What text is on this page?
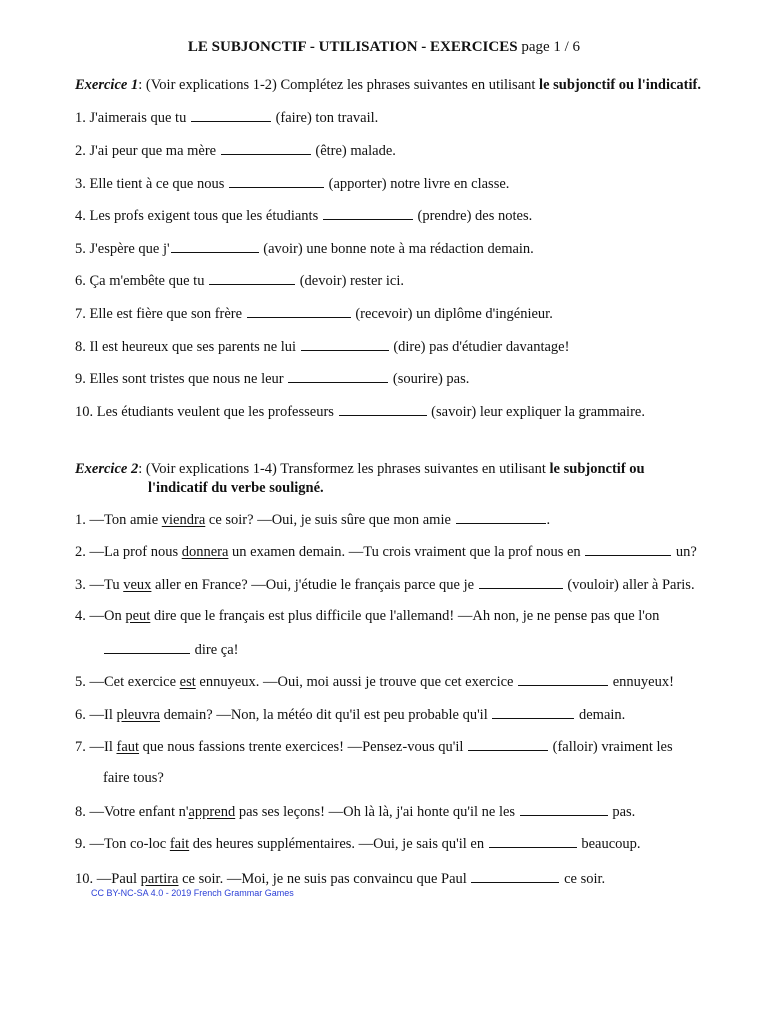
LE SUBJONCTIF - UTILISATION - EXERCICES page 1 / 6
Exercice 1: (Voir explications 1-2) Complétez les phrases suivantes en utilisant le subjonctif ou l'indicatif.
1. J'aimerais que tu	(faire) ton travail.
2. J'ai peur que ma mère	(être) malade.
3. Elle tient à ce que nous	(apporter) notre livre en classe.
4. Les profs exigent tous que les étudiants	(prendre) des notes.
5. J'espère que j'	(avoir) une bonne note à ma rédaction demain.
6. Ça m'embête que tu	(devoir) rester ici.
7. Elle est fière que son frère	(recevoir) un diplôme d'ingénieur.
8. Il est heureux que ses parents ne lui	(dire) pas d'étudier davantage!
9. Elles sont tristes que nous ne leur	(sourire) pas.
10. Les étudiants veulent que les professeurs	(savoir) leur expliquer la grammaire.
Exercice 2: (Voir explications 1-4) Transformez les phrases suivantes en utilisant le subjonctif ou
l'indicatif du verbe souligné.
1. —Ton amie viendra ce soir? —Oui, je suis sûre que mon amie	.
2. —La prof nous donnera un examen demain. —Tu crois vraiment que la prof nous en	un?
3. —Tu veux aller en France? —Oui, j'étudie le français parce que je	(vouloir) aller à Paris.
4. —On peut dire que le français est plus difficile que l'allemand! —Ah non, je ne pense pas que l'on
dire ça!
5. —Cet exercice est ennuyeux. —Oui, moi aussi je trouve que cet exercice	ennuyeux!
6. —Il pleuvra demain? —Non, la météo dit qu'il est peu probable qu'il	demain.
7. —Il faut que nous fassions trente exercices! —Pensez-vous qu'il	(falloir) vraiment les
faire tous?
8. —Votre enfant n'apprend pas ses leçons! —Oh là là, j'ai honte qu'il ne les	pas.
9. —Ton co-loc fait des heures supplémentaires. —Oui, je sais qu'il en	beaucoup.
10. —Paul partira ce soir. —Moi, je ne suis pas convaincu que Paul	ce soir.
CC BY-NC-SA 4.0 - 2019 French Grammar Games
